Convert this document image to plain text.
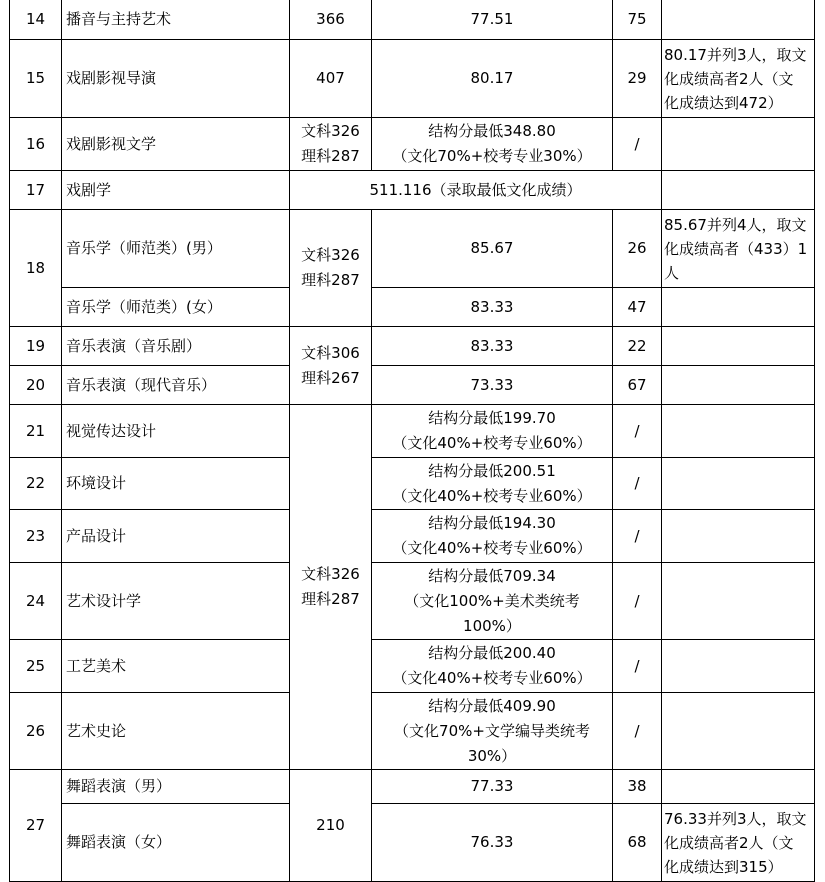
14	播音与主持艺术	366	77.51	75	
15	戏剧影视导演	407	80.17	29	80.17并列3人，取文
化成绩高者2人（文
化成绩达到472）
16	戏剧影视文学	文科326
理科287	结构分最低348.80
（文化70%+校考专业30%）	/	
17	戏剧学	511.116（录取最低文化成绩）			
18	音乐学（师范类）(男）	文科326
理科287	85.67	26	85.67并列4人，取文
化成绩高者（433）1
人
	音乐学（师范类）(女）		83.33	47	
19	音乐表演（音乐剧）	文科306
理科267	83.33	22	
20	音乐表演（现代音乐）		73.33	67	
21	视觉传达设计	文科326
理科287	结构分最低199.70
（文化40%+校考专业60%）	/	
22	环境设计		结构分最低200.51
（文化40%+校考专业60%）	/	
23	产品设计		结构分最低194.30
（文化40%+校考专业60%）	/	
24	艺术设计学		结构分最低709.34
（文化100%+美术类统考
100%）	/	
25	工艺美术		结构分最低200.40
（文化40%+校考专业60%）	/	
26	艺术史论		结构分最低409.90
（文化70%+文学编导类统考
30%）	/	
27	舞蹈表演（男）	210	77.33	38	
	舞蹈表演（女）		76.33	68	76.33并列3人，取文
化成绩高者2人（文
化成绩达到315）
